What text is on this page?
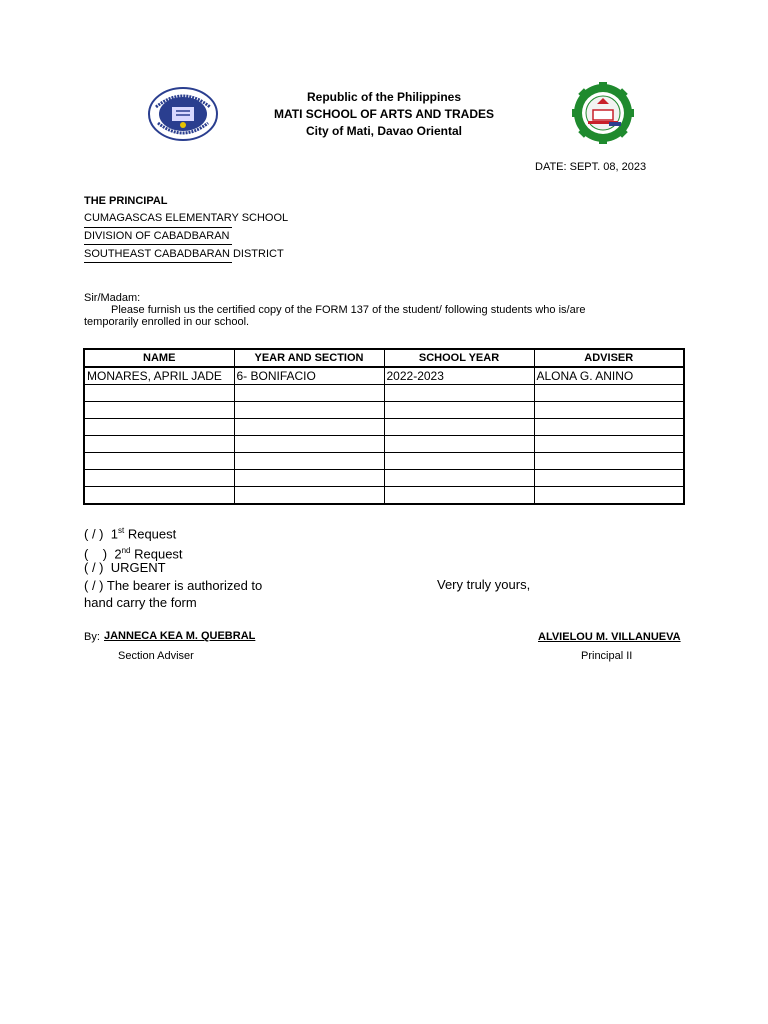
Republic of the Philippines
MATI SCHOOL OF ARTS AND TRADES
City of Mati, Davao Oriental
DATE: SEPT. 08, 2023
THE PRINCIPAL
CUMAGASCAS ELEMENTARY SCHOOL
DIVISION OF CABADBARAN
SOUTHEAST CABADBARAN DISTRICT
Sir/Madam:
Please furnish us the certified copy of the FORM 137 of the student/ following students who is/are
temporarily enrolled in our school.
NAME	YEAR AND SECTION	SCHOOL YEAR	ADVISER
MONARES, APRIL JADE	6- BONIFACIO	2022-2023	ALONA G. ANINO

( / ) 1st Request
(    ) 2nd Request
( / ) URGENT
( / ) The bearer is authorized to
hand carry the form
Very truly yours,
By: JANNECA KEA M. QUEBRAL
Section Adviser
ALVIELOU M. VILLANUEVA
Principal II
